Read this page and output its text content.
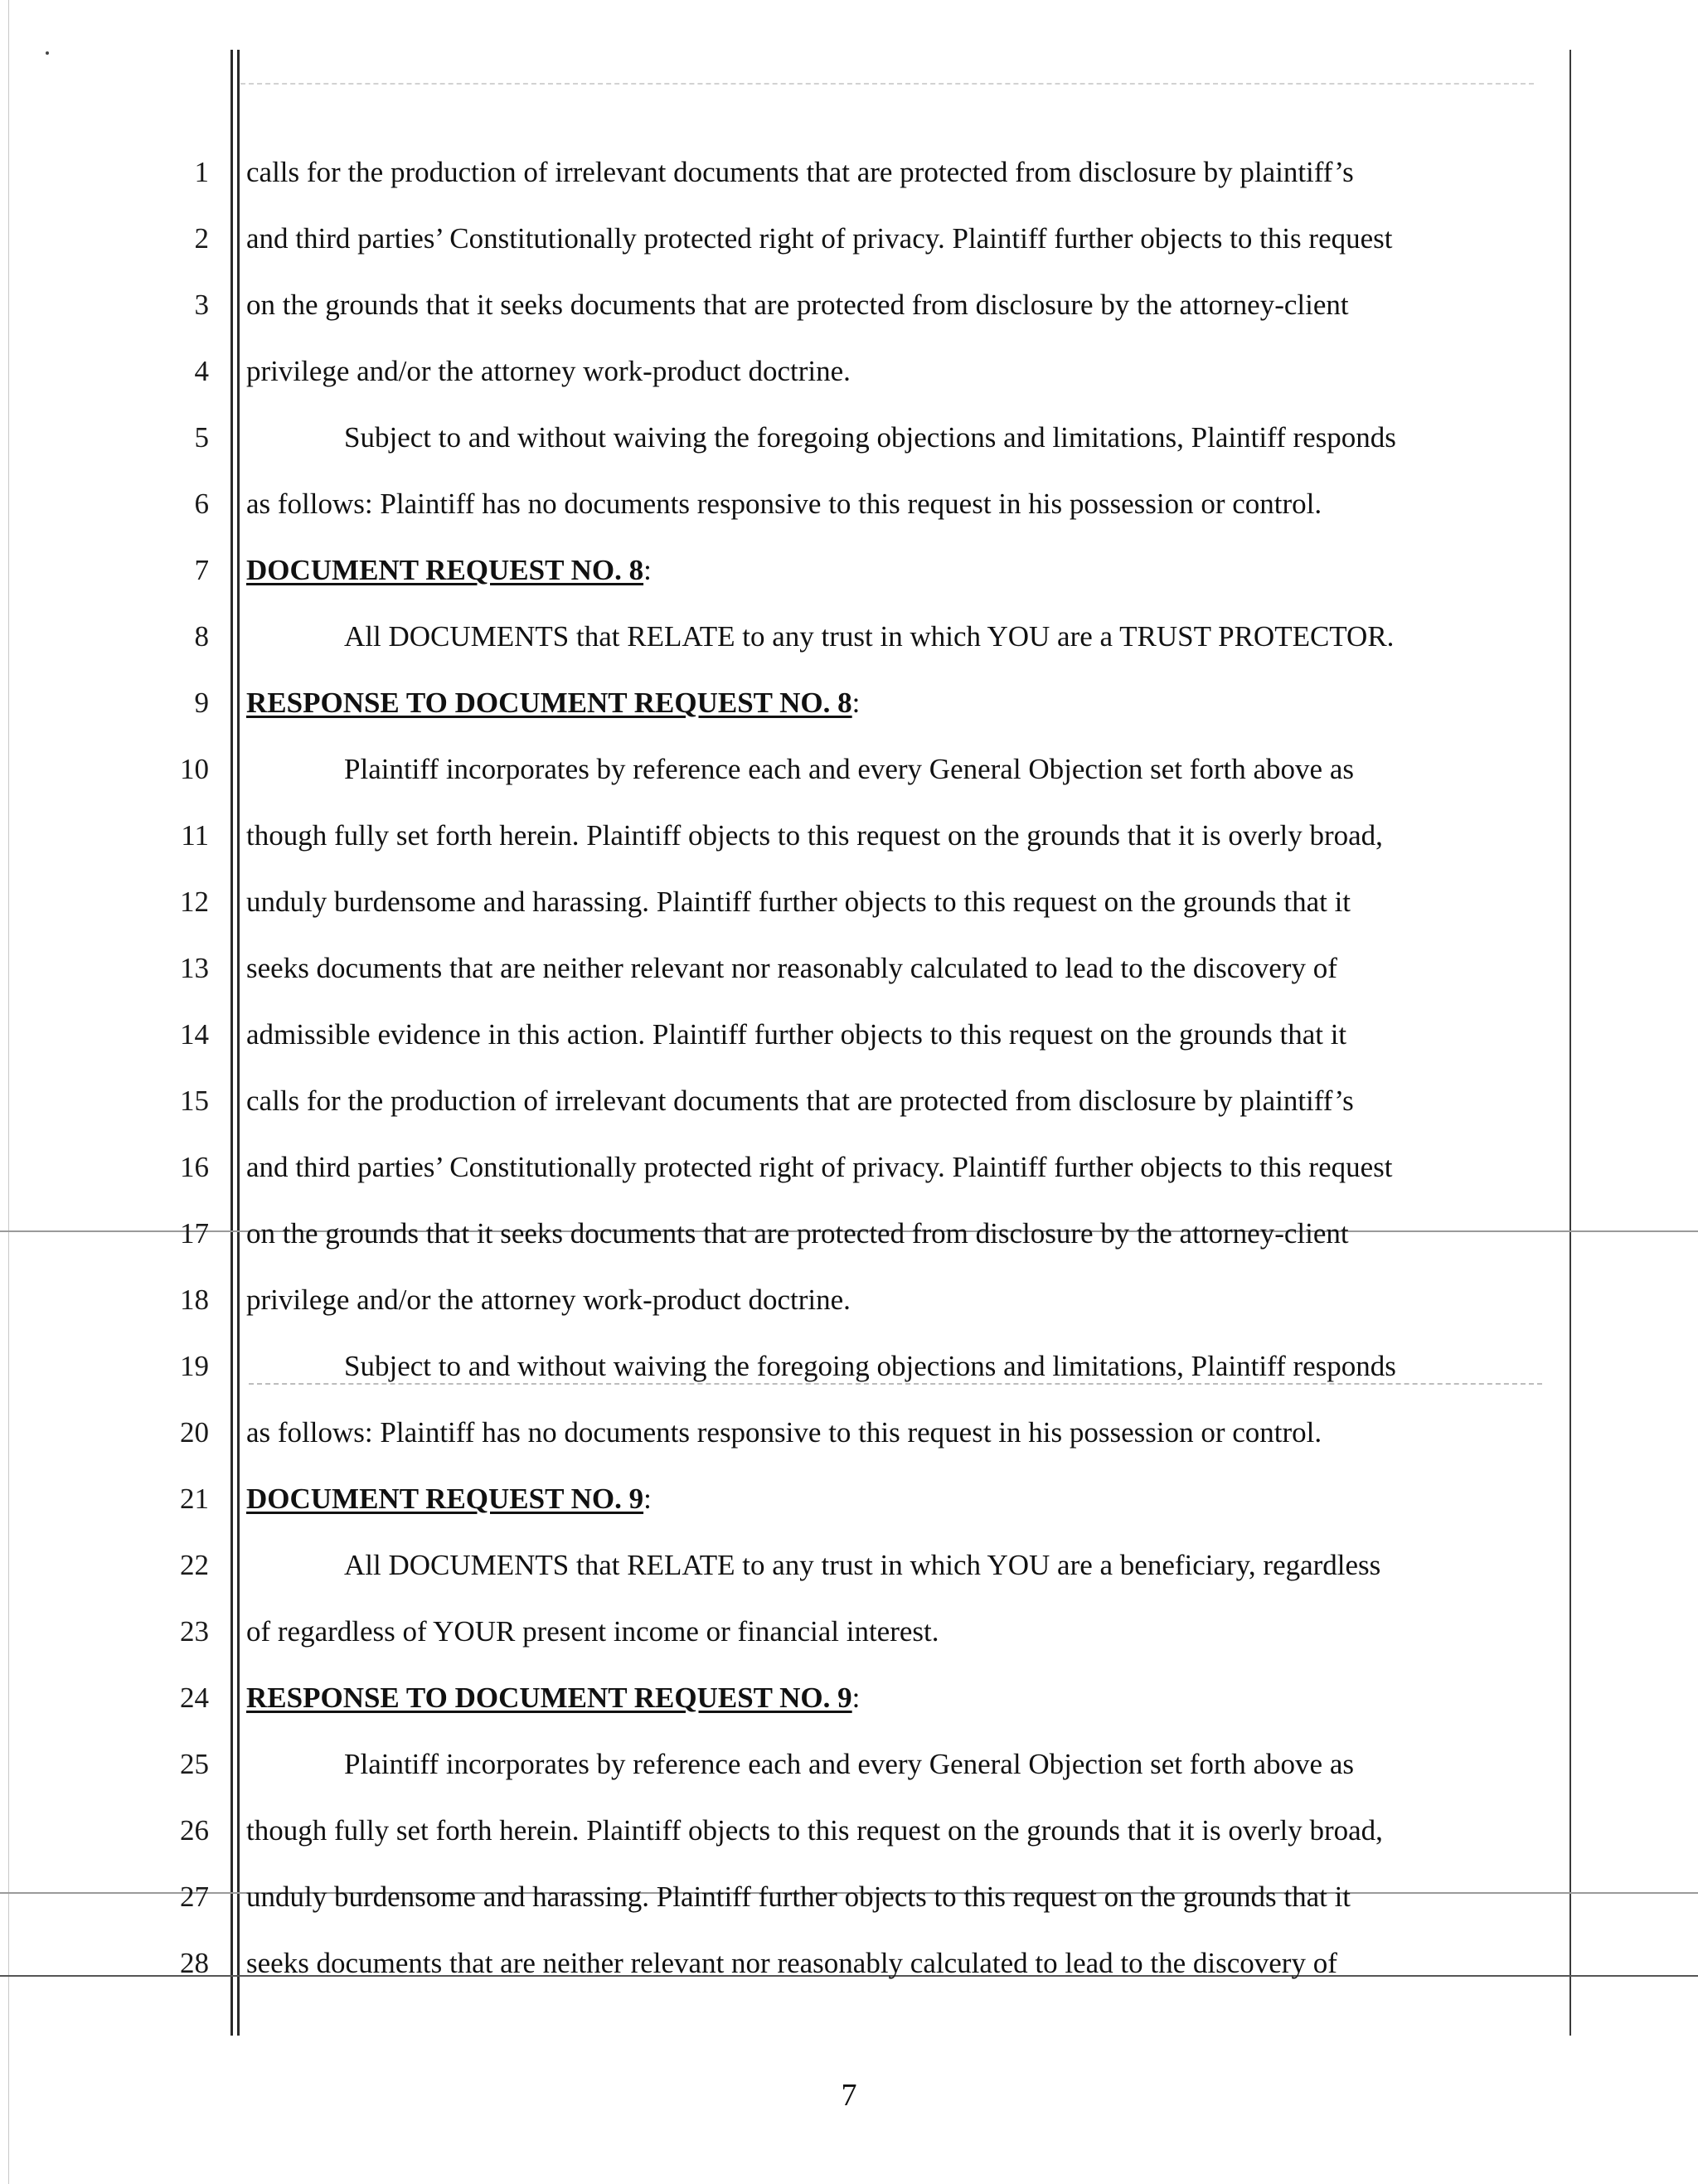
1 calls for the production of irrelevant documents that are protected from disclosure by plaintiff’s
2 and third parties’ Constitutionally protected right of privacy. Plaintiff further objects to this request
3 on the grounds that it seeks documents that are protected from disclosure by the attorney-client
4 privilege and/or the attorney work-product doctrine.
5	Subject to and without waiving the foregoing objections and limitations, Plaintiff responds
6 as follows: Plaintiff has no documents responsive to this request in his possession or control.
7 DOCUMENT REQUEST NO. 8:
8	All DOCUMENTS that RELATE to any trust in which YOU are a TRUST PROTECTOR.
9 RESPONSE TO DOCUMENT REQUEST NO. 8:
10	Plaintiff incorporates by reference each and every General Objection set forth above as
11 though fully set forth herein. Plaintiff objects to this request on the grounds that it is overly broad,
12 unduly burdensome and harassing. Plaintiff further objects to this request on the grounds that it
13 seeks documents that are neither relevant nor reasonably calculated to lead to the discovery of
14 admissible evidence in this action. Plaintiff further objects to this request on the grounds that it
15 calls for the production of irrelevant documents that are protected from disclosure by plaintiff’s
16 and third parties’ Constitutionally protected right of privacy. Plaintiff further objects to this request
17 on the grounds that it seeks documents that are protected from disclosure by the attorney-client
18 privilege and/or the attorney work-product doctrine.
19	Subject to and without waiving the foregoing objections and limitations, Plaintiff responds
20 as follows: Plaintiff has no documents responsive to this request in his possession or control.
21 DOCUMENT REQUEST NO. 9:
22	All DOCUMENTS that RELATE to any trust in which YOU are a beneficiary, regardless
23 of regardless of YOUR present income or financial interest.
24 RESPONSE TO DOCUMENT REQUEST NO. 9:
25	Plaintiff incorporates by reference each and every General Objection set forth above as
26 though fully set forth herein. Plaintiff objects to this request on the grounds that it is overly broad,
27 unduly burdensome and harassing. Plaintiff further objects to this request on the grounds that it
28 seeks documents that are neither relevant nor reasonably calculated to lead to the discovery of
7
